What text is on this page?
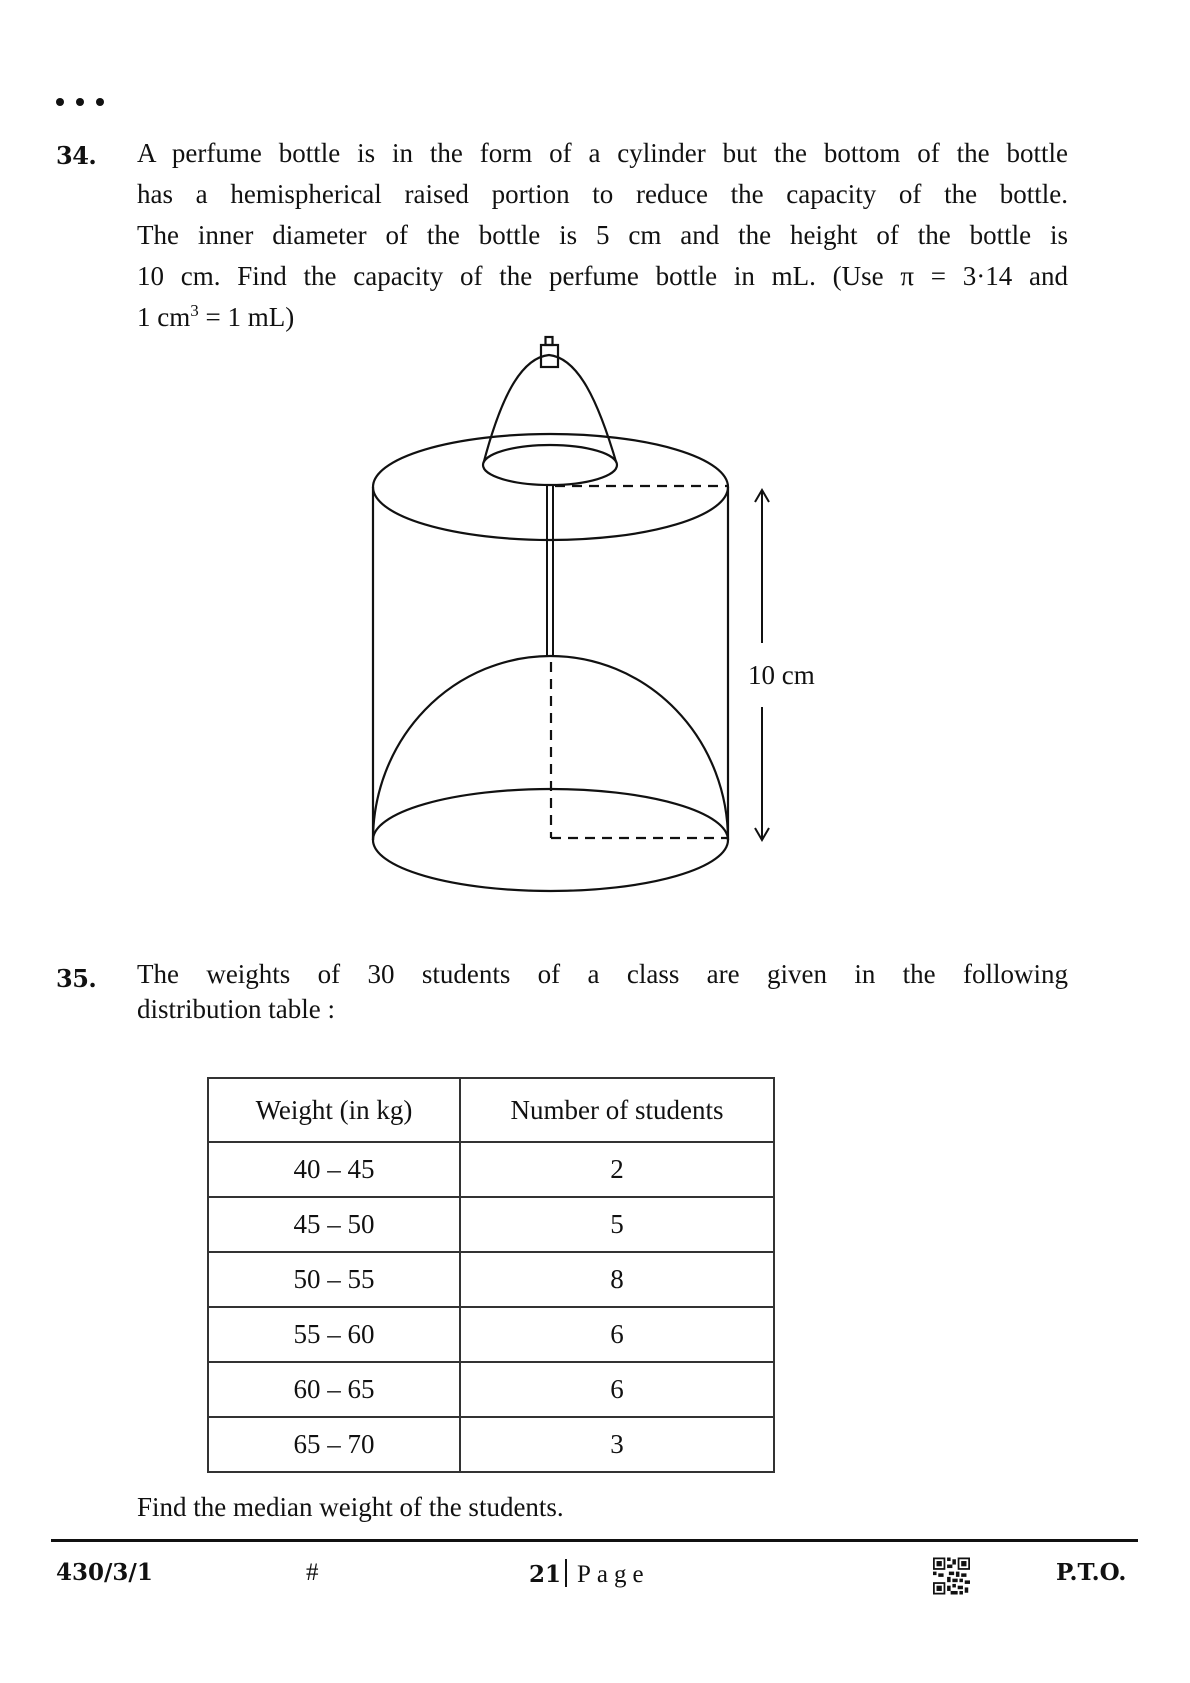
34. A perfume bottle is in the form of a cylinder but the bottom of the bottle
has a hemispherical raised portion to reduce the capacity of the bottle.
The inner diameter of the bottle is 5 cm and the height of the bottle is
10 cm. Find the capacity of the perfume bottle in mL. (Use π = 3·14 and
1 $cm^3 = 1$ mL)
10 cm
35. The weights of 30 students of a class are given in the following
distribution table :
Weight (in kg)	Number of students
40 – 45	2
45 – 50	5
50 – 55	8
55 – 60	6
60 – 65	6
65 – 70	3
Find the median weight of the students.
430/3/1	#	21 Page	P.T.O.
